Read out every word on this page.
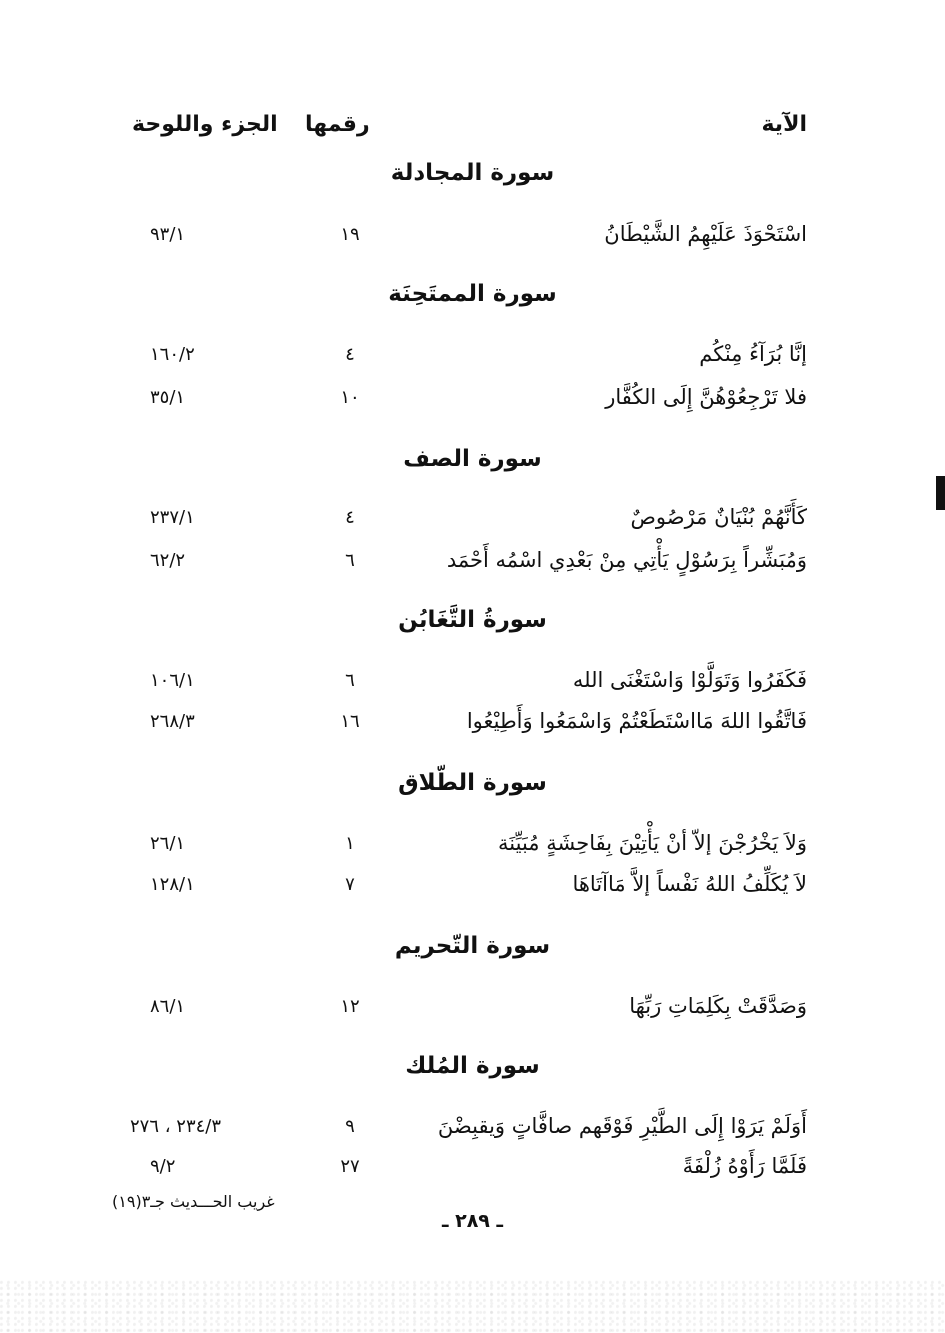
الآية
رقمها
الجزء واللوحة
سورة المجادلة
اسْتَحْوَذَ عَلَيْهِمُ الشَّيْطَانُ
١٩
٩٣/١
سورة الممتَحِنَة
إنَّا بُرَآءُ مِنْكُم
٤
١٦٠/٢
فلا تَرْجِعُوْهُنَّ إِلَى الكُفَّار
١٠
٣٥/١
سورة الصف
كَأَنَّهُمْ بُنْيَانٌ مَرْصُوصٌ
٤
٢٣٧/١
وَمُبَشِّراً بِرَسُوْلٍ يَأْتِي مِنْ بَعْدِي اسْمُه أَحْمَد
٦
٦٢/٢
سورةُ التَّغَابُن
فَكَفَرُوا وَتَوَلَّوْا وَاسْتَغْنَى الله
٦
١٠٦/١
فَاتَّقُوا اللهَ مَااسْتَطَعْتُمْ وَاسْمَعُوا وَأَطِيْعُوا
١٦
٢٦٨/٣
سورة الطّلاق
وَلاَ يَخْرُجْنَ إلاّ أنْ يَأْتِيْنَ بِفَاحِشَةٍ مُبَيِّنَة
١
٢٦/١
لاَ يُكَلِّفُ اللهُ نَفْساً إلاَّ مَاآتَاهَا
٧
١٢٨/١
سورة التّحريم
وَصَدَّقَتْ بِكَلِمَاتِ رَبِّهَا
١٢
٨٦/١
سورة المُلك
أَوَلَمْ يَرَوْا إِلَى الطَّيْرِ فَوْقَهم صافَّاتٍ وَيقبِضْنَ
٩
٢٣٤/٣ ، ٢٧٦
فَلَمَّا رَأَوْهُ زُلْفَةً
٢٧
٩/٢
غريب الحـــديث جـ٣(١٩)
ـ ٢٨٩ ـ
